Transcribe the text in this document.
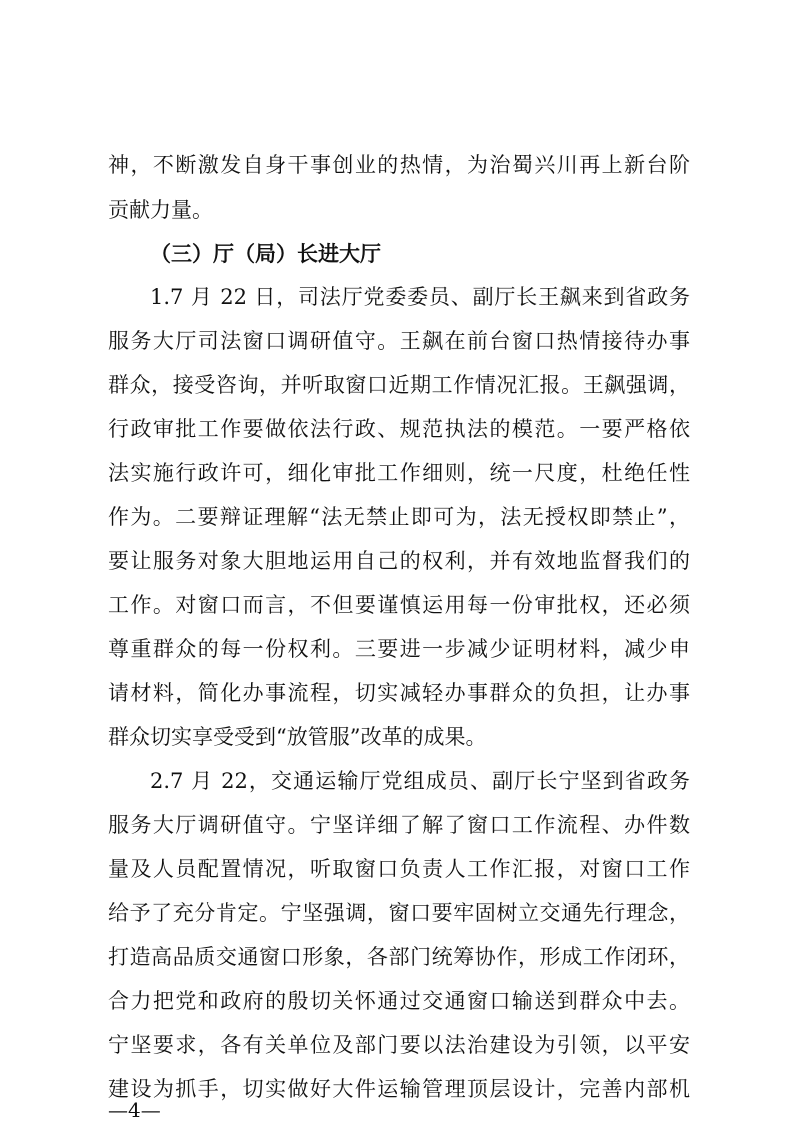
神，不断激发自身干事创业的热情，为治蜀兴川再上新台阶
贡献力量。
（三）厅（局）长进大厅
1.7 月 22 日，司法厅党委委员、副厅长王飙来到省政务
服务大厅司法窗口调研值守。王飙在前台窗口热情接待办事
群众，接受咨询，并听取窗口近期工作情况汇报。王飙强调，
行政审批工作要做依法行政、规范执法的模范。一要严格依
法实施行政许可，细化审批工作细则，统一尺度，杜绝任性
作为。二要辩证理解“法无禁止即可为，法无授权即禁止”，
要让服务对象大胆地运用自己的权利，并有效地监督我们的
工作。对窗口而言，不但要谨慎运用每一份审批权，还必须
尊重群众的每一份权利。三要进一步减少证明材料，减少申
请材料，简化办事流程，切实减轻办事群众的负担，让办事
群众切实享受受到“放管服”改革的成果。
2.7 月 22，交通运输厅党组成员、副厅长宁坚到省政务
服务大厅调研值守。宁坚详细了解了窗口工作流程、办件数
量及人员配置情况，听取窗口负责人工作汇报，对窗口工作
给予了充分肯定。宁坚强调，窗口要牢固树立交通先行理念，
打造高品质交通窗口形象，各部门统筹协作，形成工作闭环，
合力把党和政府的殷切关怀通过交通窗口输送到群众中去。
宁坚要求，各有关单位及部门要以法治建设为引领，以平安
建设为抓手，切实做好大件运输管理顶层设计，完善内部机
—4—
